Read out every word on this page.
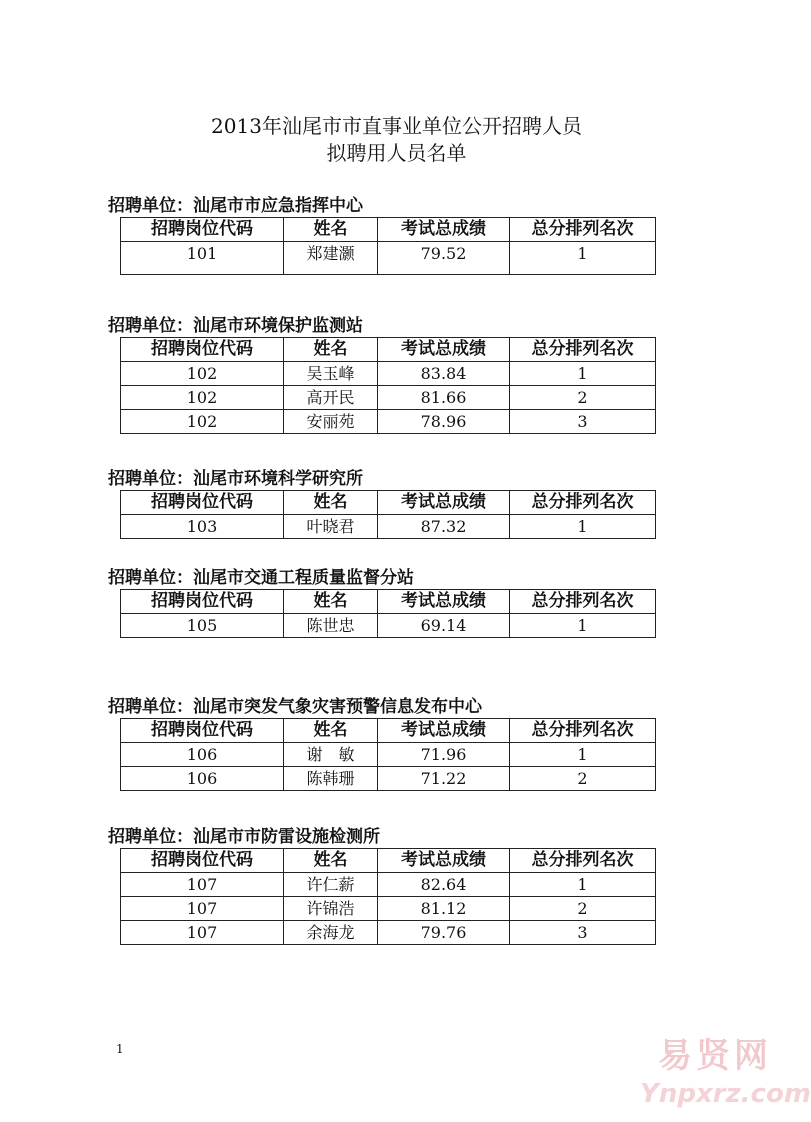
2013年汕尾市市直事业单位公开招聘人员
拟聘用人员名单
招聘单位：汕尾市市应急指挥中心
招聘岗位代码	姓名	考试总成绩	总分排列名次
101	郑建灏	79.52	1
招聘单位：汕尾市环境保护监测站
招聘岗位代码	姓名	考试总成绩	总分排列名次
102	吴玉峰	83.84	1
102	高开民	81.66	2
102	安丽苑	78.96	3
招聘单位：汕尾市环境科学研究所
招聘岗位代码	姓名	考试总成绩	总分排列名次
103	叶晓君	87.32	1
招聘单位：汕尾市交通工程质量监督分站
招聘岗位代码	姓名	考试总成绩	总分排列名次
105	陈世忠	69.14	1
招聘单位：汕尾市突发气象灾害预警信息发布中心
招聘岗位代码	姓名	考试总成绩	总分排列名次
106	谢　敏	71.96	1
106	陈韩珊	71.22	2
招聘单位：汕尾市市防雷设施检测所
招聘岗位代码	姓名	考试总成绩	总分排列名次
107	许仁薪	82.64	1
107	许锦浩	81.12	2
107	余海龙	79.76	3
1	易贤网
Ynpxrz.com
